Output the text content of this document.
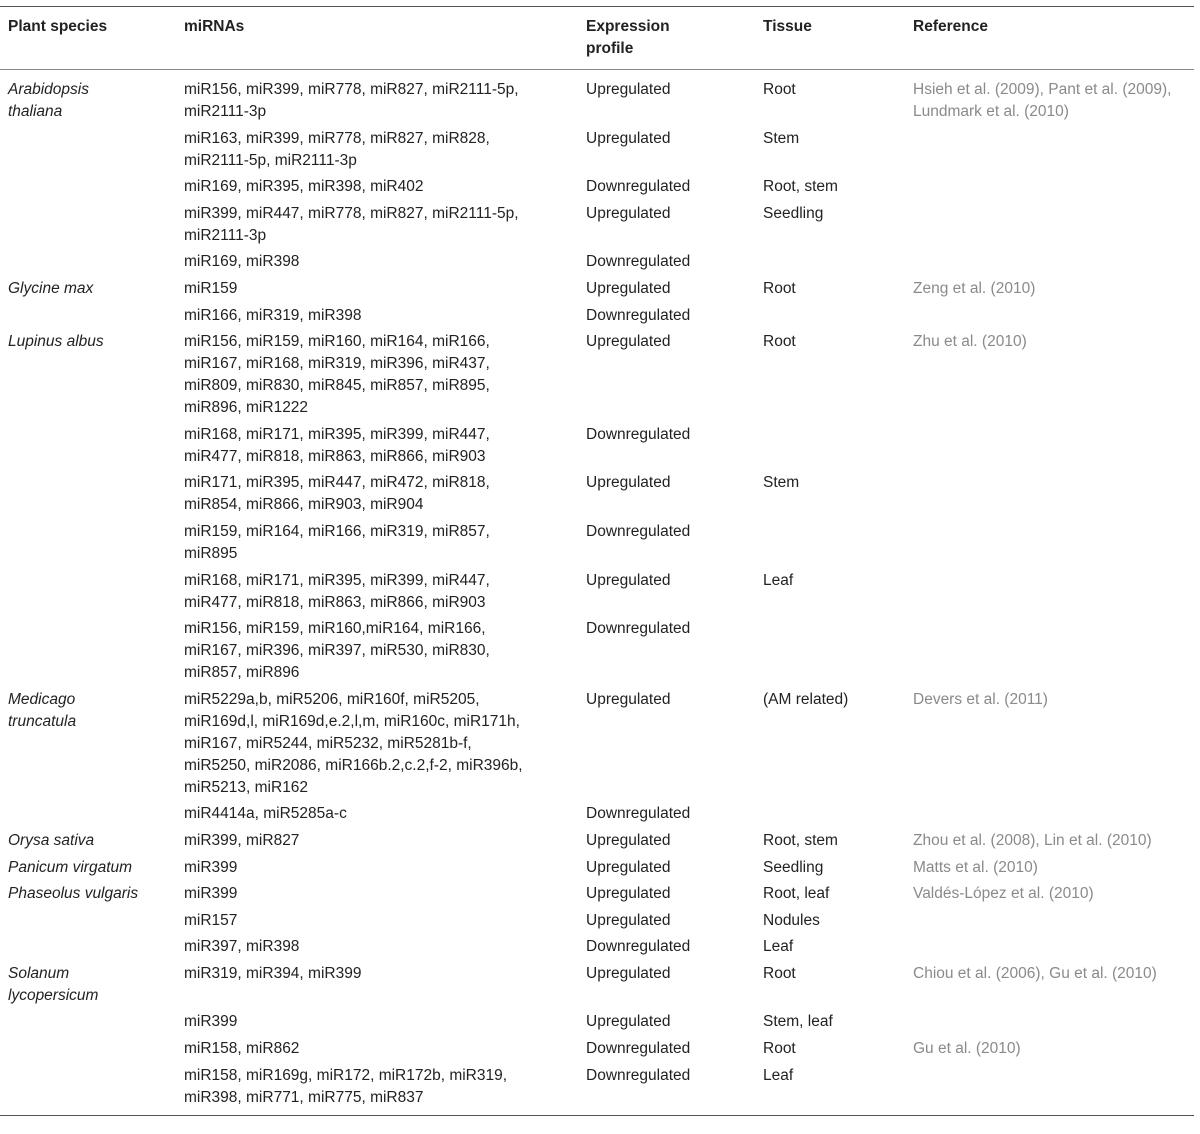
Plant species	miRNAs	Expression profile	Tissue	Reference
Arabidopsis thaliana	miR156, miR399, miR778, miR827, miR2111-5p, miR2111-3p	Upregulated	Root	Hsieh et al. (2009), Pant et al. (2009), Lundmark et al. (2010)
	miR163, miR399, miR778, miR827, miR828, miR2111-5p, miR2111-3p	Upregulated	Stem	
	miR169, miR395, miR398, miR402	Downregulated	Root, stem	
	miR399, miR447, miR778, miR827, miR2111-5p, miR2111-3p	Upregulated	Seedling	
	miR169, miR398	Downregulated		
Glycine max	miR159	Upregulated	Root	Zeng et al. (2010)
	miR166, miR319, miR398	Downregulated		
Lupinus albus	miR156, miR159, miR160, miR164, miR166, miR167, miR168, miR319, miR396, miR437, miR809, miR830, miR845, miR857, miR895, miR896, miR1222	Upregulated	Root	Zhu et al. (2010)
	miR168, miR171, miR395, miR399, miR447, miR477, miR818, miR863, miR866, miR903	Downregulated		
	miR171, miR395, miR447, miR472, miR818, miR854, miR866, miR903, miR904	Upregulated	Stem	
	miR159, miR164, miR166, miR319, miR857, miR895	Downregulated		
	miR168, miR171, miR395, miR399, miR447, miR477, miR818, miR863, miR866, miR903	Upregulated	Leaf	
	miR156, miR159, miR160,miR164, miR166, miR167, miR396, miR397, miR530, miR830, miR857, miR896	Downregulated		
Medicago truncatula	miR5229a,b, miR5206, miR160f, miR5205, miR169d,l, miR169d,e.2,l,m, miR160c, miR171h, miR167, miR5244, miR5232, miR5281b-f, miR5250, miR2086, miR166b.2,c.2,f-2, miR396b, miR5213, miR162	Upregulated	(AM related)	Devers et al. (2011)
	miR4414a, miR5285a-c	Downregulated		
Orysa sativa	miR399, miR827	Upregulated	Root, stem	Zhou et al. (2008), Lin et al. (2010)
Panicum virgatum	miR399	Upregulated	Seedling	Matts et al. (2010)
Phaseolus vulgaris	miR399	Upregulated	Root, leaf	Valdés-López et al. (2010)
	miR157	Upregulated	Nodules	
	miR397, miR398	Downregulated	Leaf	
Solanum lycopersicum	miR319, miR394, miR399	Upregulated	Root	Chiou et al. (2006), Gu et al. (2010)
	miR399	Upregulated	Stem, leaf	
	miR158, miR862	Downregulated	Root	Gu et al. (2010)
	miR158, miR169g, miR172, miR172b, miR319, miR398, miR771, miR775, miR837	Downregulated	Leaf	
